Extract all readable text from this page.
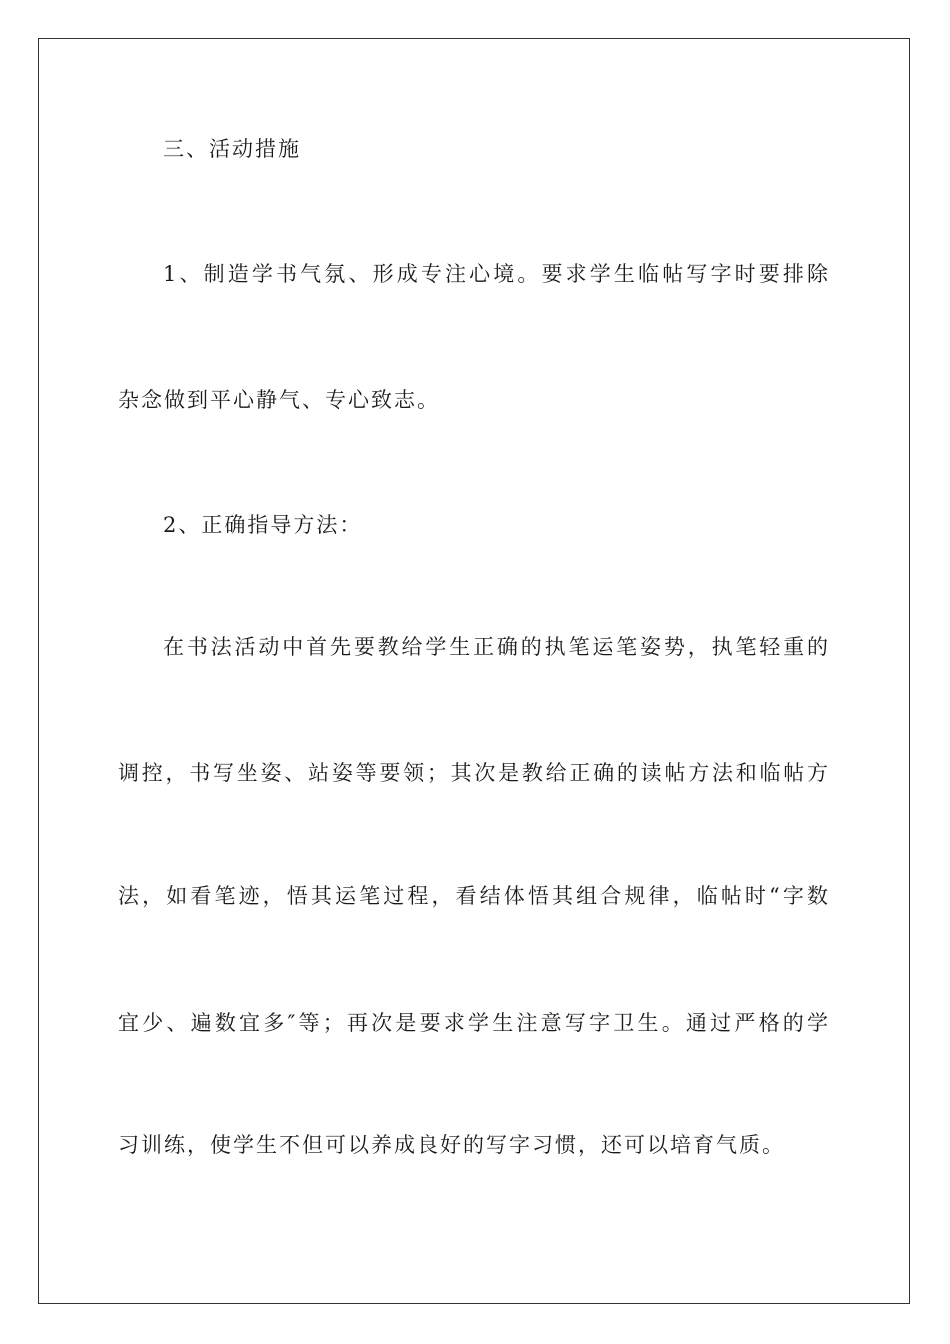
三、活动措施
1、制造学书气氛、形成专注心境。要求学生临帖写字时要排除
杂念做到平心静气、专心致志。
2、正确指导方法：
在书法活动中首先要教给学生正确的执笔运笔姿势，执笔轻重的
调控，书写坐姿、站姿等要领；其次是教给正确的读帖方法和临帖方
法，如看笔迹，悟其运笔过程，看结体悟其组合规律，临帖时“字数
宜少、遍数宜多″等；再次是要求学生注意写字卫生。通过严格的学
习训练，使学生不但可以养成良好的写字习惯，还可以培育气质。
